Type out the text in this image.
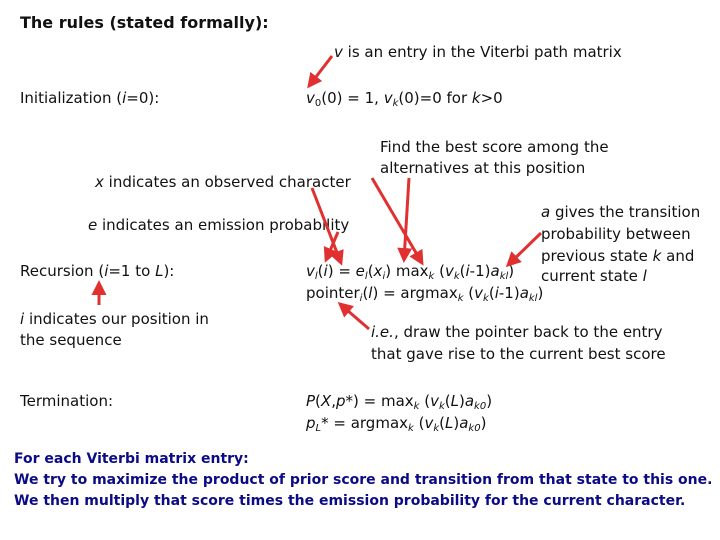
The rules (stated formally):
v is an entry in the Viterbi path matrix
Initialization (i=0):	$v_0(0) = 1$, $v_k(0)=0$ for k>0
Find the best score among the
alternatives at this position
x indicates an observed character
a gives the transition
probability between
previous state k and
current state l
e indicates an emission probability
Recursion (i=1 to L):	$v_l(i) = e_l(x_i)$ $\max_k (v_k(i-1)a_{kl})$
pointer$_i$(l) = argmax$_k$ $(v_k(i-1)a_{kl})$
i indicates our position in
the sequence	i.e., draw the pointer back to the entry
that gave rise to the current best score
Termination:	$P(X,p*) = \max_k (v_k(L)a_{k0})$
$p_L* = argmax_k$ $(v_k(L)a_{k0})$
For each Viterbi matrix entry:
We try to maximize the product of prior score and transition from that state to this one.
We then multiply that score times the emission probability for the current character.
